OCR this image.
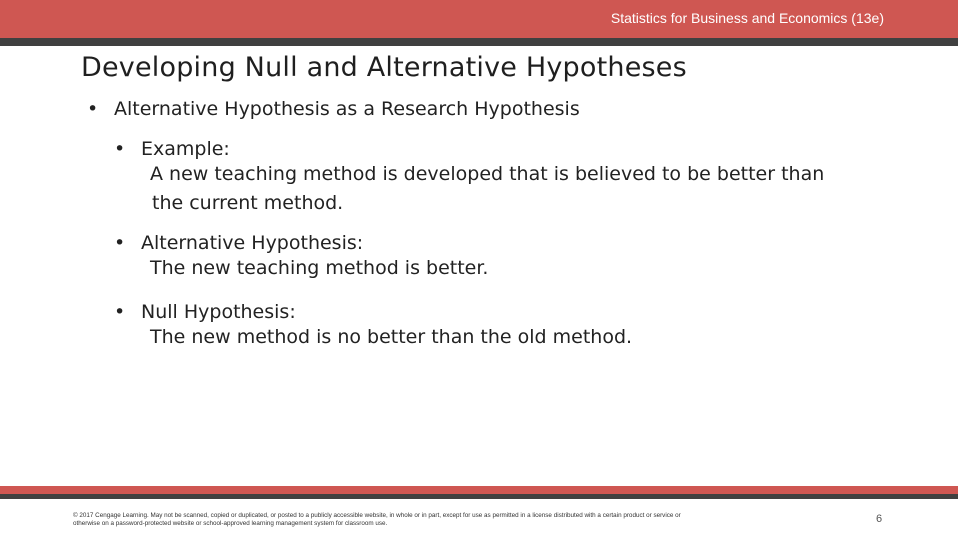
Statistics for Business and Economics (13e)
Developing Null and Alternative Hypotheses
• Alternative Hypothesis as a Research Hypothesis
• Example:
A new teaching method is developed that is believed to be better than
the current method.
• Alternative Hypothesis:
The new teaching method is better.
• Null Hypothesis:
The new method is no better than the old method.
© 2017 Cengage Learning. May not be scanned, copied or duplicated, or posted to a publicly accessible website, in whole or in part, except for use as permitted in a license distributed with a certain product or service or
otherwise on a password-protected website or school-approved learning management system for classroom use.	6
